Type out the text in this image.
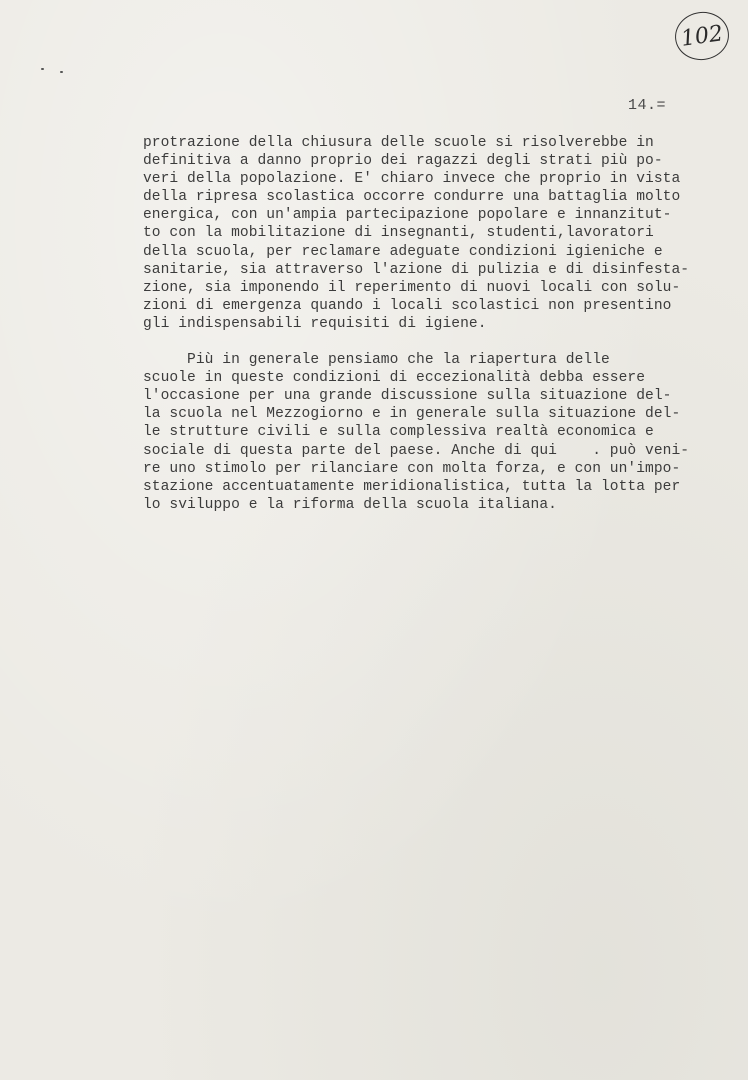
102
14.=

protrazione della chiusura delle scuole si risolverebbe in
definitiva a danno proprio dei ragazzi degli strati più po-
veri della popolazione. E' chiaro invece che proprio in vista
della ripresa scolastica occorre condurre una battaglia molto
energica, con un'ampia partecipazione popolare e innanzitut-
to con la mobilitazione di insegnanti, studenti,lavoratori
della scuola, per reclamare adeguate condizioni igieniche e
sanitarie, sia attraverso l'azione di pulizia e di disinfesta-
zione, sia imponendo il reperimento di nuovi locali con solu-
zioni di emergenza quando i locali scolastici non presentino
gli indispensabili requisiti di igiene.

Più in generale pensiamo che la riapertura delle
scuole in queste condizioni di eccezionalità debba essere
l'occasione per una grande discussione sulla situazione del-
la scuola nel Mezzogiorno e in generale sulla situazione del-
le strutture civili e sulla complessiva realtà economica e
sociale di questa parte del paese. Anche di qui    . può veni-
re uno stimolo per rilanciare con molta forza, e con un'impo-
stazione accentuatamente meridionalistica, tutta la lotta per
lo sviluppo e la riforma della scuola italiana.
